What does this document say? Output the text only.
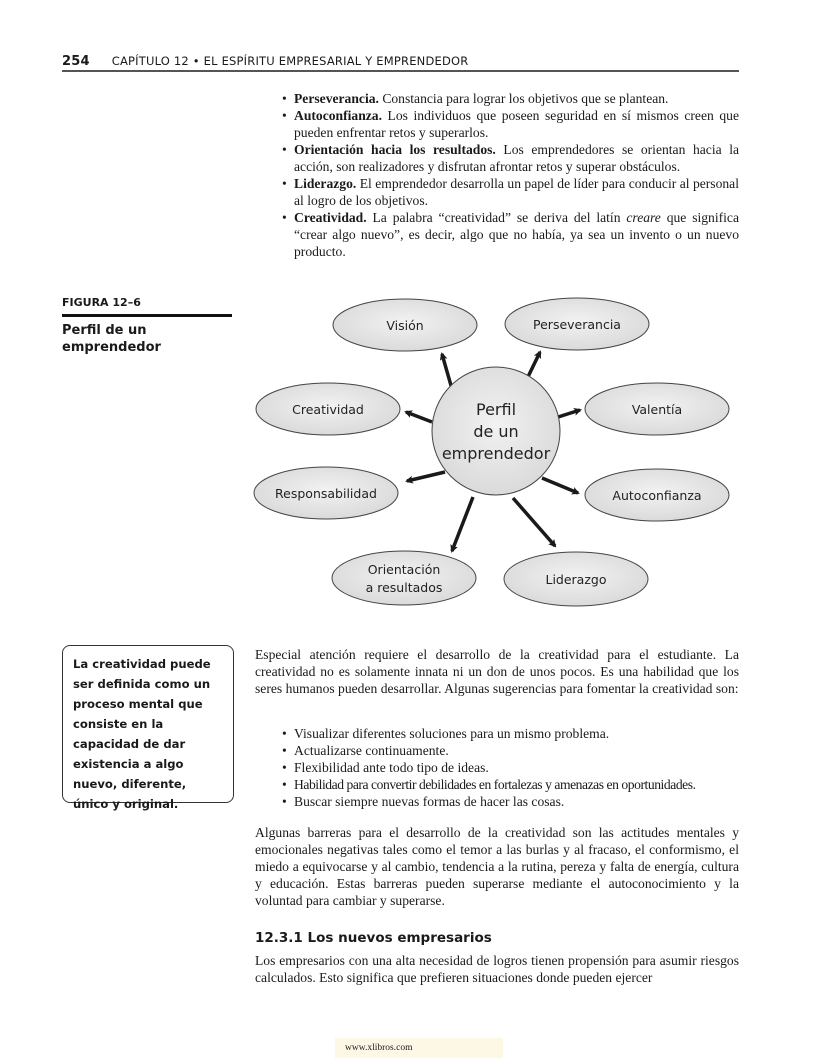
254 CAPÍTULO 12 • EL ESPÍRITU EMPRESARIAL Y EMPRENDEDOR
• Perseverancia. Constancia para lograr los objetivos que se plantean.
• Autoconfianza. Los individuos que poseen seguridad en sí mismos creen que pueden enfrentar retos y superarlos.
• Orientación hacia los resultados. Los emprendedores se orientan hacia la acción, son realizadores y disfrutan afrontar retos y superar obstáculos.
• Liderazgo. El emprendedor desarrolla un papel de líder para conducir al personal al logro de los objetivos.
• Creatividad. La palabra “creatividad” se deriva del latín creare que significa “crear algo nuevo”, es decir, algo que no había, ya sea un invento o un nuevo producto.
FIGURA 12–6
Perfil de un emprendedor
Visión	Perseverancia
Creatividad	Valentía
Responsabilidad	Autoconfianza
Orientación
a resultados
Liderazgo
Perfil
de un
emprendedor
La creatividad puede ser definida como un proceso mental que consiste en la capacidad de dar existencia a algo nuevo, diferente, único y original.

Especial atención requiere el desarrollo de la creatividad para el estudiante. La creatividad no es solamente innata ni un don de unos pocos. Es una habilidad que los seres humanos pueden desarrollar. Algunas sugerencias para fomentar la creatividad son:

• Visualizar diferentes soluciones para un mismo problema.
• Actualizarse continuamente.
• Flexibilidad ante todo tipo de ideas.
• Habilidad para convertir debilidades en fortalezas y amenazas en oportunidades.
• Buscar siempre nuevas formas de hacer las cosas.

Algunas barreras para el desarrollo de la creatividad son las actitudes mentales y emocionales negativas tales como el temor a las burlas y al fracaso, el conformismo, el miedo a equivocarse y al cambio, tendencia a la rutina, pereza y falta de energía, cultura y educación. Estas barreras pueden superarse mediante el autoconocimiento y la voluntad para cambiar y superarse.

12.3.1 Los nuevos empresarios

Los empresarios con una alta necesidad de logros tienen propensión para asumir riesgos calculados. Esto significa que prefieren situaciones donde pueden ejercer

www.xlibros.com
